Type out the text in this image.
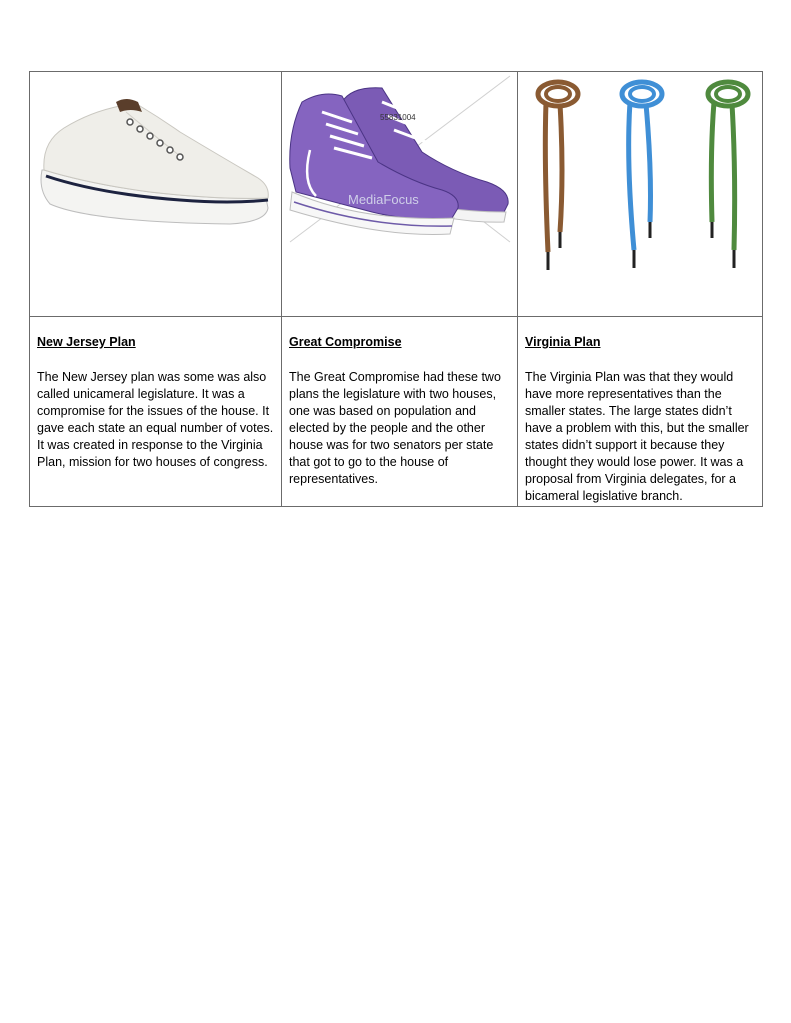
55831004
MediaFocus

New Jersey Plan

The New Jersey plan was some was also called unicameral legislature. It was a compromise for the issues of the house. It gave each state an equal number of votes. It was created in response to the Virginia Plan, mission for two houses of congress.

Great Compromise

The Great Compromise had these two plans the legislature with two houses, one was based on population and elected by the people and the other house was for two senators per state that got to go to the house of representatives.

Virginia Plan

The Virginia Plan was that they would have more representatives than the smaller states. The large states didn’t have a problem with this, but the smaller states didn’t support it because they thought they would lose power. It was a proposal from Virginia delegates, for a bicameral legislative branch.
